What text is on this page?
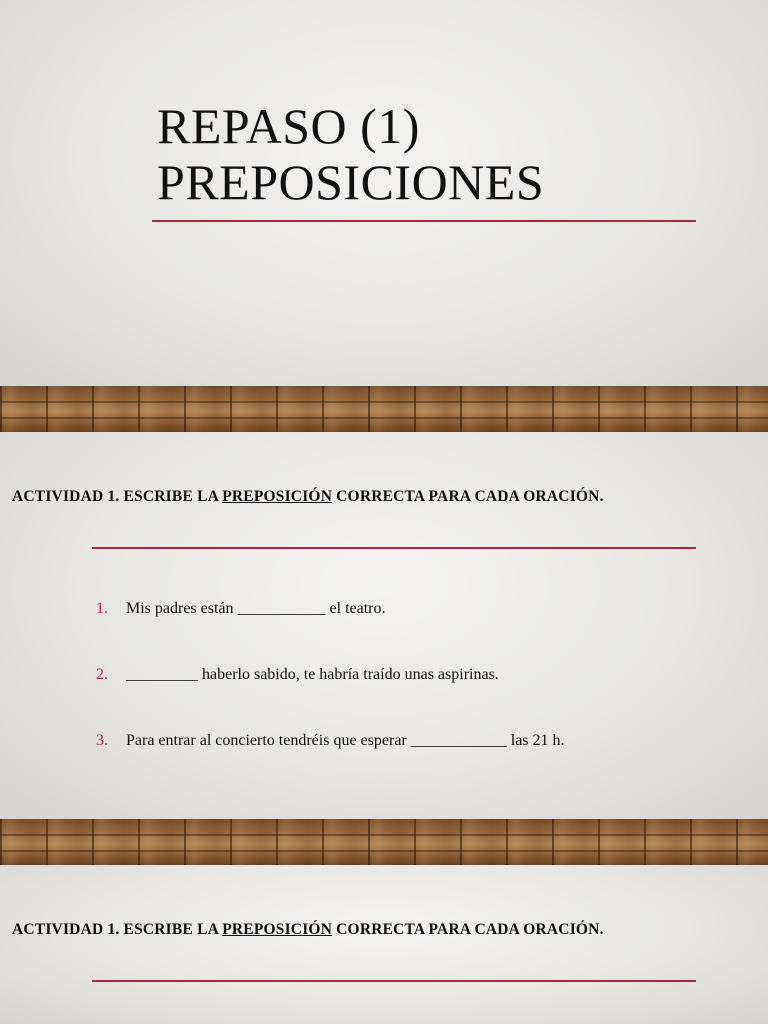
REPASO (1)
PREPOSICIONES
ACTIVIDAD 1. ESCRIBE LA PREPOSICIÓN CORRECTA PARA CADA ORACIÓN.
1. Mis padres están ___________ el teatro.
2. _________ haberlo sabido, te habría traído unas aspirinas.
3. Para entrar al concierto tendréis que esperar ____________ las 21 h.
ACTIVIDAD 1. ESCRIBE LA PREPOSICIÓN CORRECTA PARA CADA ORACIÓN.
